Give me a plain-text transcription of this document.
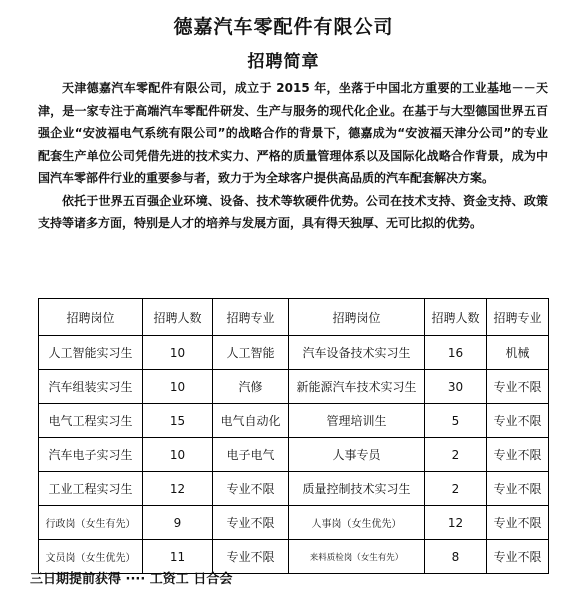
德嘉汽车零配件有限公司
招聘简章

天津德嘉汽车零配件有限公司，成立于 2015 年，坐落于中国北方重要的工业基地－－天津，是一家专注于高端汽车零配件研发、生产与服务的现代化企业。在基于与大型德国世界五百强企业“安波福电气系统有限公司”的战略合作的背景下，德嘉成为“安波福天津分公司”的专业配套生产单位公司凭借先进的技术实力、严格的质量管理体系以及国际化战略合作背景，成为中国汽车零部件行业的重要参与者，致力于为全球客户提供高品质的汽车配套解决方案。

依托于世界五百强企业环境、设备、技术等软硬件优势。公司在技术支持、资金支持、政策支持等诸多方面，特别是人才的培养与发展方面，具有得天独厚、无可比拟的优势。

招聘岗位	招聘人数	招聘专业	招聘岗位	招聘人数	招聘专业
人工智能实习生	10	人工智能	汽车设备技术实习生	16	机械
汽车组装实习生	10	汽修	新能源汽车技术实习生	30	专业不限
电气工程实习生	15	电气自动化	管理培训生	5	专业不限
汽车电子实习生	10	电子电气	人事专员	2	专业不限
工业工程实习生	12	专业不限	质量控制技术实习生	2	专业不限
行政岗（女生有先）	9	专业不限	人事岗（女生优先）	12	专业不限
文员岗（女生优先）	11	专业不限	来料质检岗（女生有先）	8	专业不限
三日期提前获得 ···· 工资工 日合会
